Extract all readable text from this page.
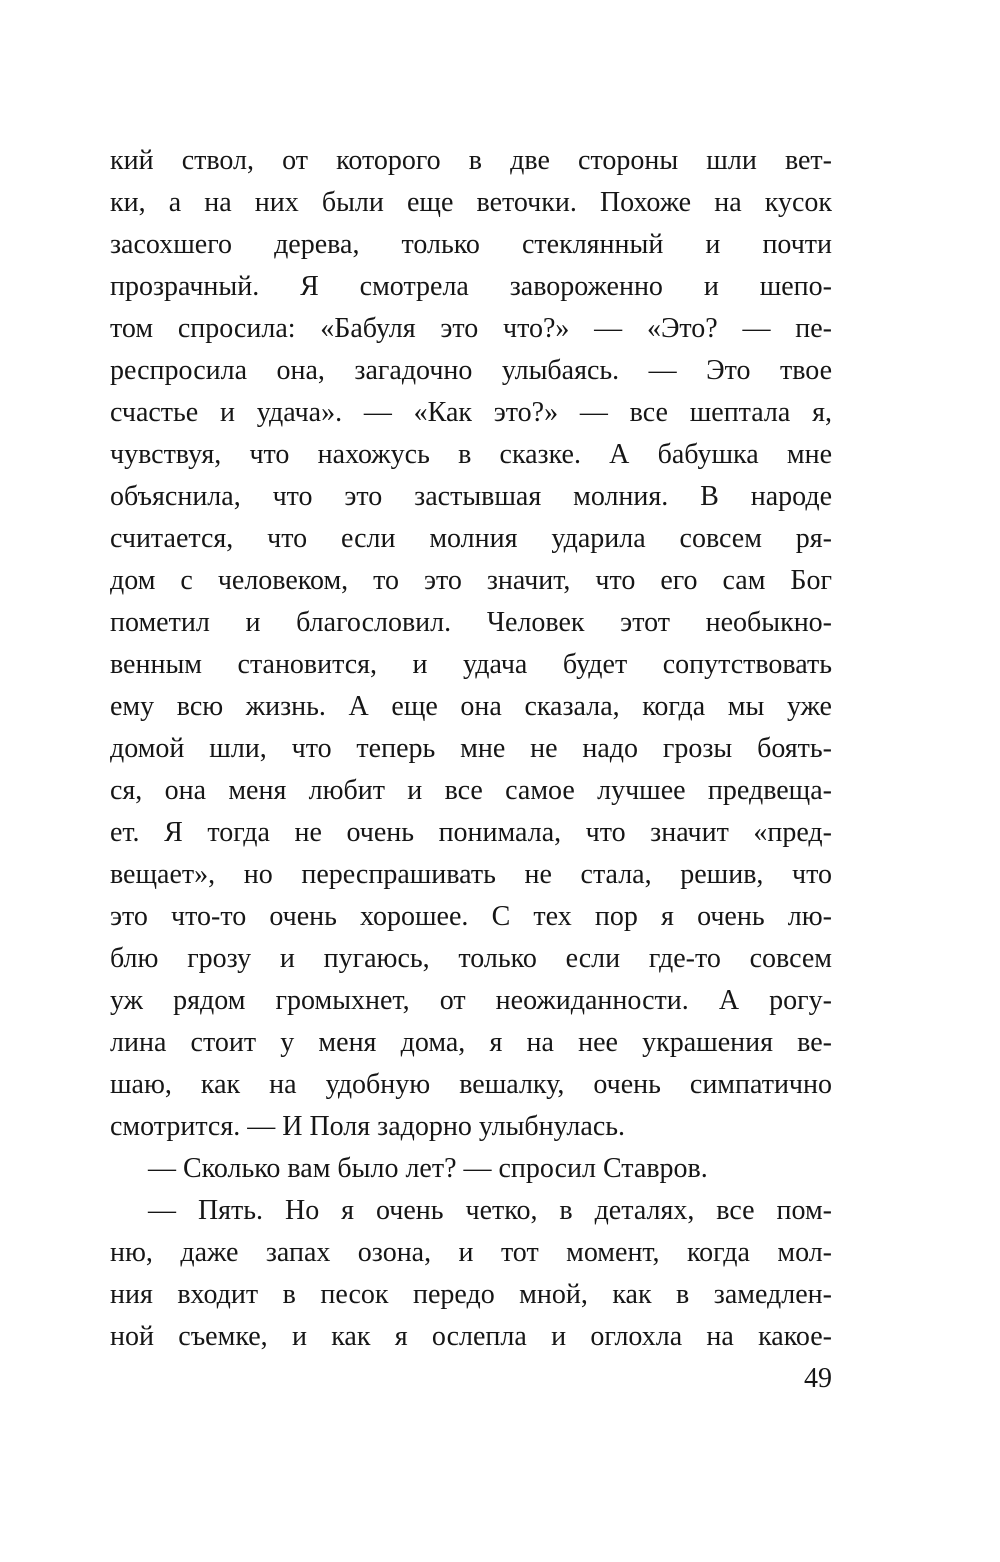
кий ствол, от которого в две стороны шли вет-
ки, а на них были еще веточки. Похоже на кусок
засохшего дерева, только стеклянный и почти
прозрачный. Я смотрела завороженно и шепо-
том спросила: «Бабуля это что?» — «Это? — пе-
респросила она, загадочно улыбаясь. — Это твое
счастье и удача». — «Как это?» — все шептала я,
чувствуя, что нахожусь в сказке. А бабушка мне
объяснила, что это застывшая молния. В народе
считается, что если молния ударила совсем ря-
дом с человеком, то это значит, что его сам Бог
пометил и благословил. Человек этот необыкно-
венным становится, и удача будет сопутствовать
ему всю жизнь. А еще она сказала, когда мы уже
домой шли, что теперь мне не надо грозы боять-
ся, она меня любит и все самое лучшее предвеща-
ет. Я тогда не очень понимала, что значит «пред-
вещает», но переспрашивать не стала, решив, что
это что-то очень хорошее. С тех пор я очень лю-
блю грозу и пугаюсь, только если где-то совсем
уж рядом громыхнет, от неожиданности. А рогу-
лина стоит у меня дома, я на нее украшения ве-
шаю, как на удобную вешалку, очень симпатично
смотрится. — И Поля задорно улыбнулась.
— Сколько вам было лет? — спросил Ставров.
— Пять. Но я очень четко, в деталях, все пом-
ню, даже запах озона, и тот момент, когда мол-
ния входит в песок передо мной, как в замедлен-
ной съемке, и как я ослепла и оглохла на какое-
49
